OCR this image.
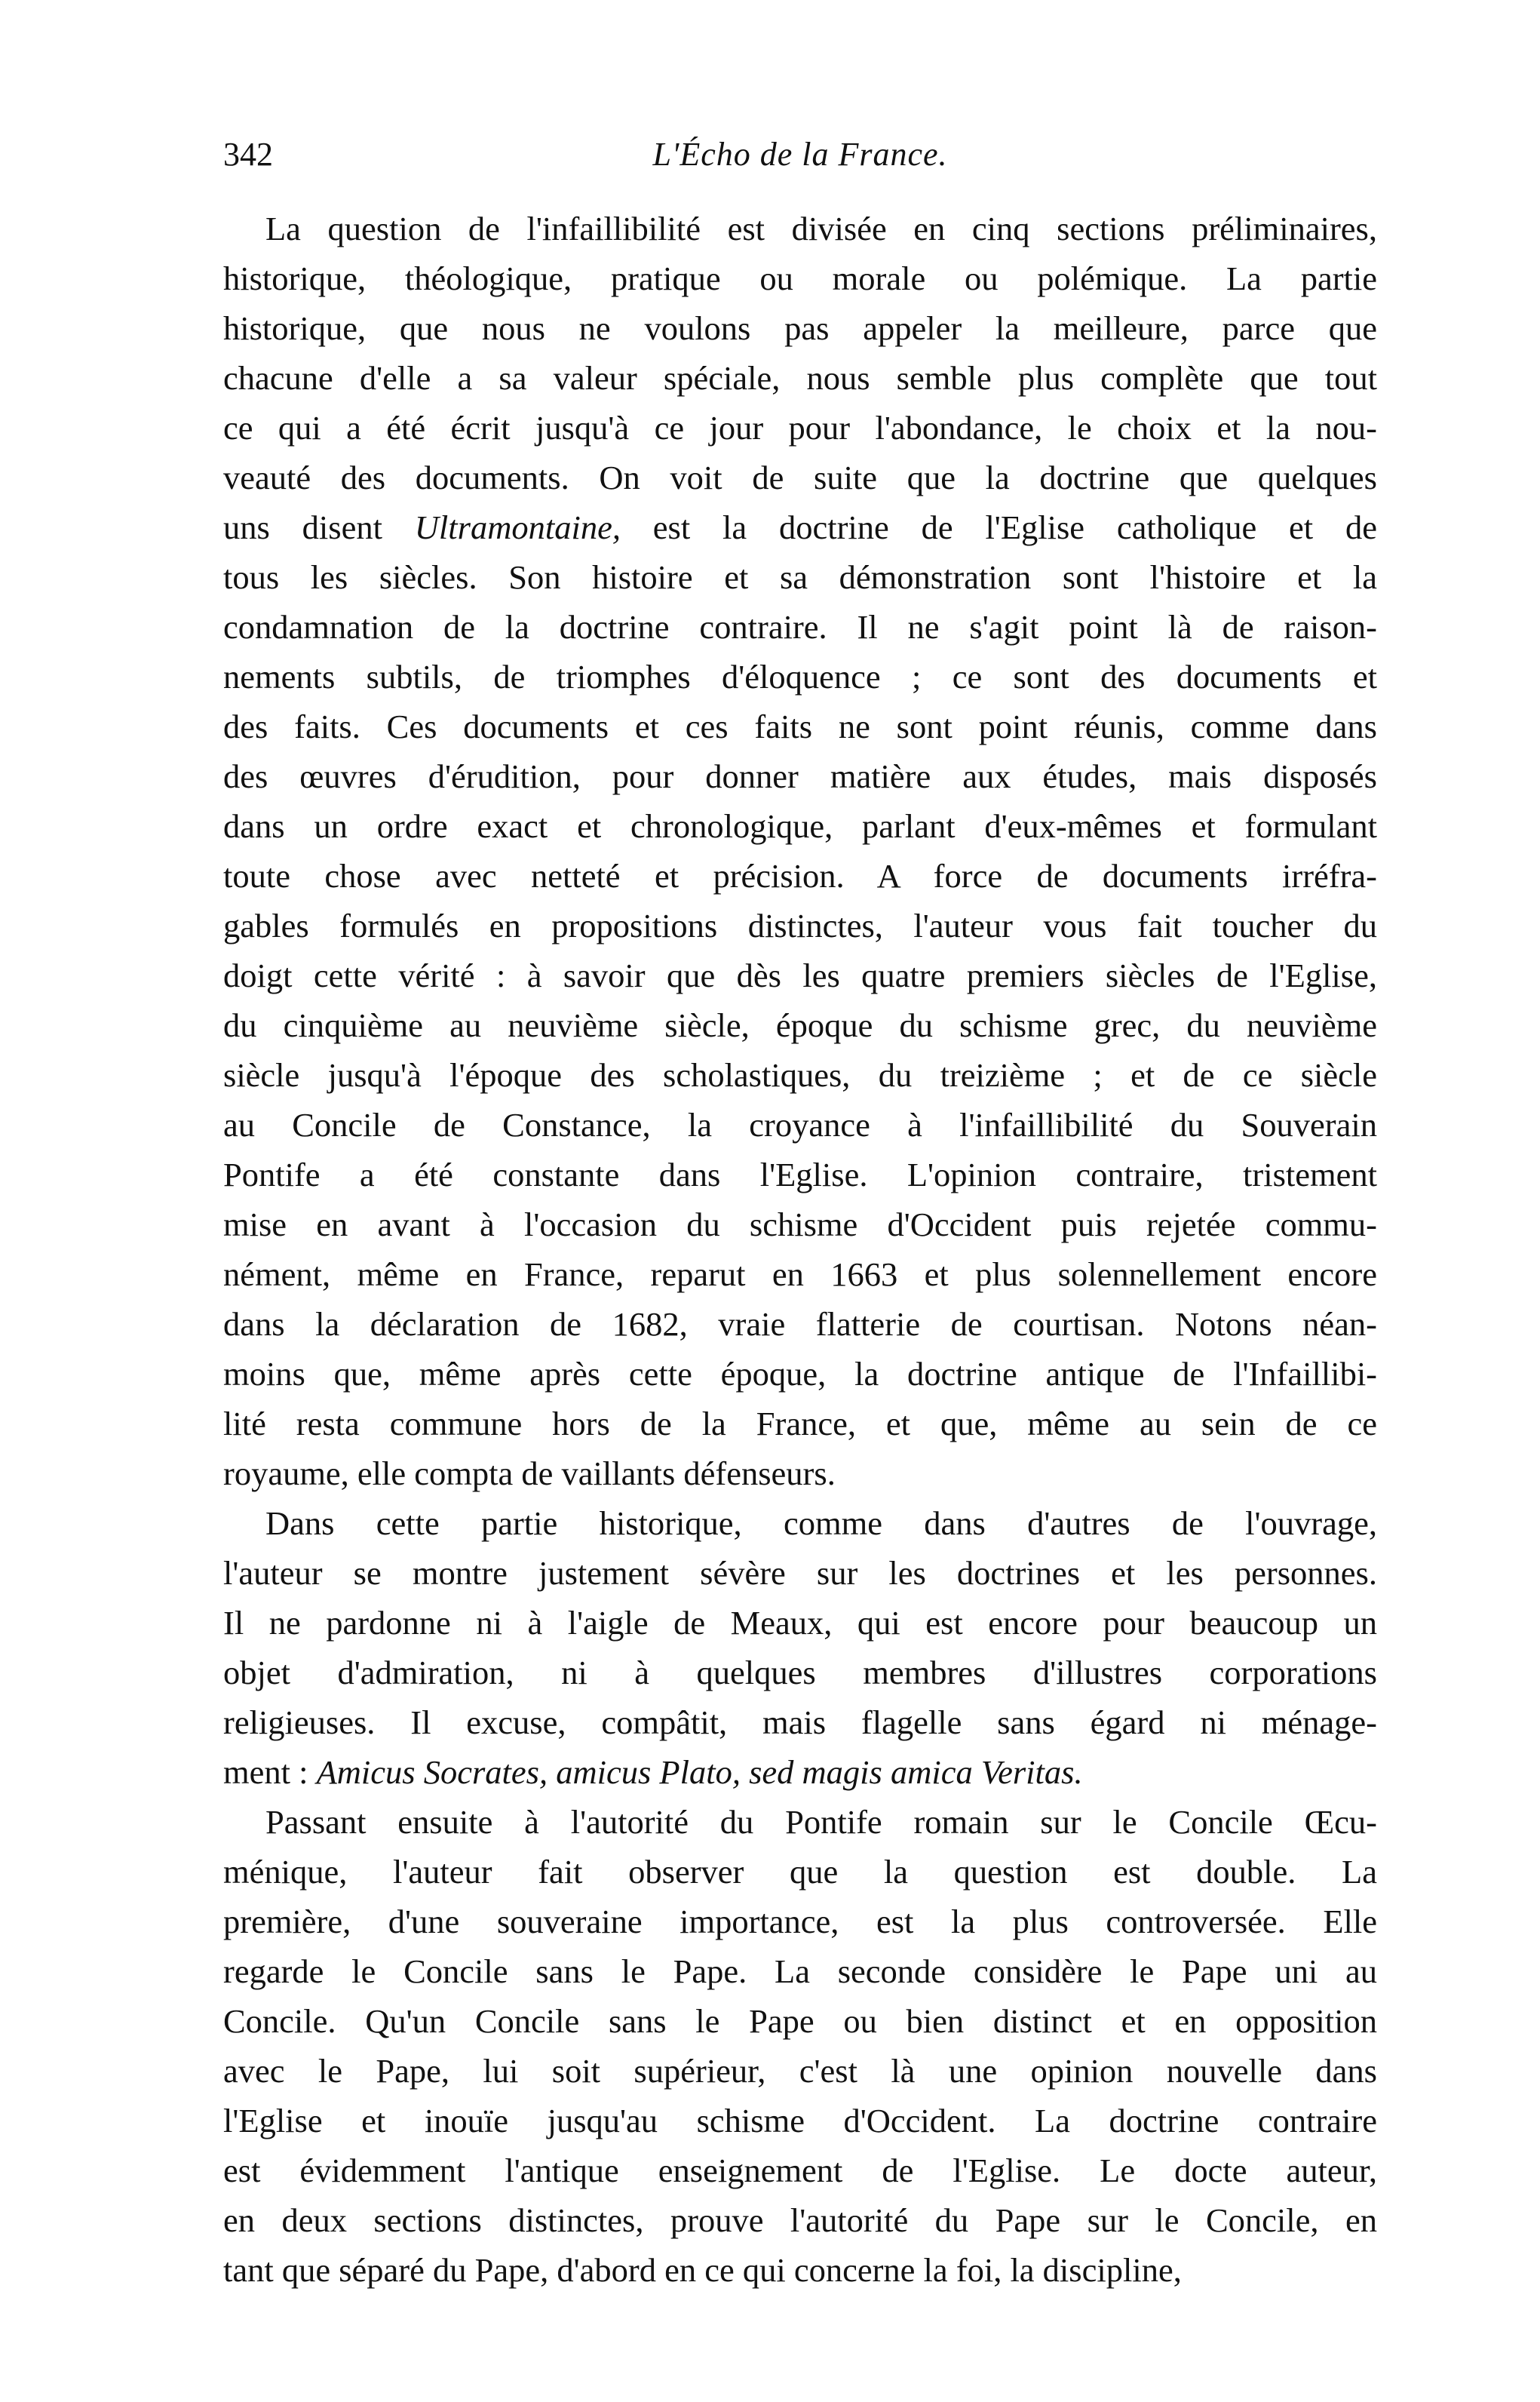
342	L'Écho de la France.
La question de l'infaillibilité est divisée en cinq sections préliminaires,
historique, théologique, pratique ou morale ou polémique. La partie
historique, que nous ne voulons pas appeler la meilleure, parce que
chacune d'elle a sa valeur spéciale, nous semble plus complète que tout
ce qui a été écrit jusqu'à ce jour pour l'abondance, le choix et la nou-
veauté des documents. On voit de suite que la doctrine que quelques
uns disent Ultramontaine, est la doctrine de l'Eglise catholique et de
tous les siècles. Son histoire et sa démonstration sont l'histoire et la
condamnation de la doctrine contraire. Il ne s'agit point là de raison-
nements subtils, de triomphes d'éloquence ; ce sont des documents et
des faits. Ces documents et ces faits ne sont point réunis, comme dans
des œuvres d'érudition, pour donner matière aux études, mais disposés
dans un ordre exact et chronologique, parlant d'eux-mêmes et formulant
toute chose avec netteté et précision. A force de documents irréfra-
gables formulés en propositions distinctes, l'auteur vous fait toucher du
doigt cette vérité : à savoir que dès les quatre premiers siècles de l'Eglise,
du cinquième au neuvième siècle, époque du schisme grec, du neuvième
siècle jusqu'à l'époque des scholastiques, du treizième ; et de ce siècle
au Concile de Constance, la croyance à l'infaillibilité du Souverain
Pontife a été constante dans l'Eglise. L'opinion contraire, tristement
mise en avant à l'occasion du schisme d'Occident puis rejetée commu-
nément, même en France, reparut en 1663 et plus solennellement encore
dans la déclaration de 1682, vraie flatterie de courtisan. Notons néan-
moins que, même après cette époque, la doctrine antique de l'Infaillibi-
lité resta commune hors de la France, et que, même au sein de ce
royaume, elle compta de vaillants défenseurs.
Dans cette partie historique, comme dans d'autres de l'ouvrage,
l'auteur se montre justement sévère sur les doctrines et les personnes.
Il ne pardonne ni à l'aigle de Meaux, qui est encore pour beaucoup un
objet d'admiration, ni à quelques membres d'illustres corporations
religieuses. Il excuse, compâtit, mais flagelle sans égard ni ménage-
ment : Amicus Socrates, amicus Plato, sed magis amica Veritas.
Passant ensuite à l'autorité du Pontife romain sur le Concile Œcu-
ménique, l'auteur fait observer que la question est double. La
première, d'une souveraine importance, est la plus controversée. Elle
regarde le Concile sans le Pape. La seconde considère le Pape uni au
Concile. Qu'un Concile sans le Pape ou bien distinct et en opposition
avec le Pape, lui soit supérieur, c'est là une opinion nouvelle dans
l'Eglise et inouïe jusqu'au schisme d'Occident. La doctrine contraire
est évidemment l'antique enseignement de l'Eglise. Le docte auteur,
en deux sections distinctes, prouve l'autorité du Pape sur le Concile, en
tant que séparé du Pape, d'abord en ce qui concerne la foi, la discipline,
